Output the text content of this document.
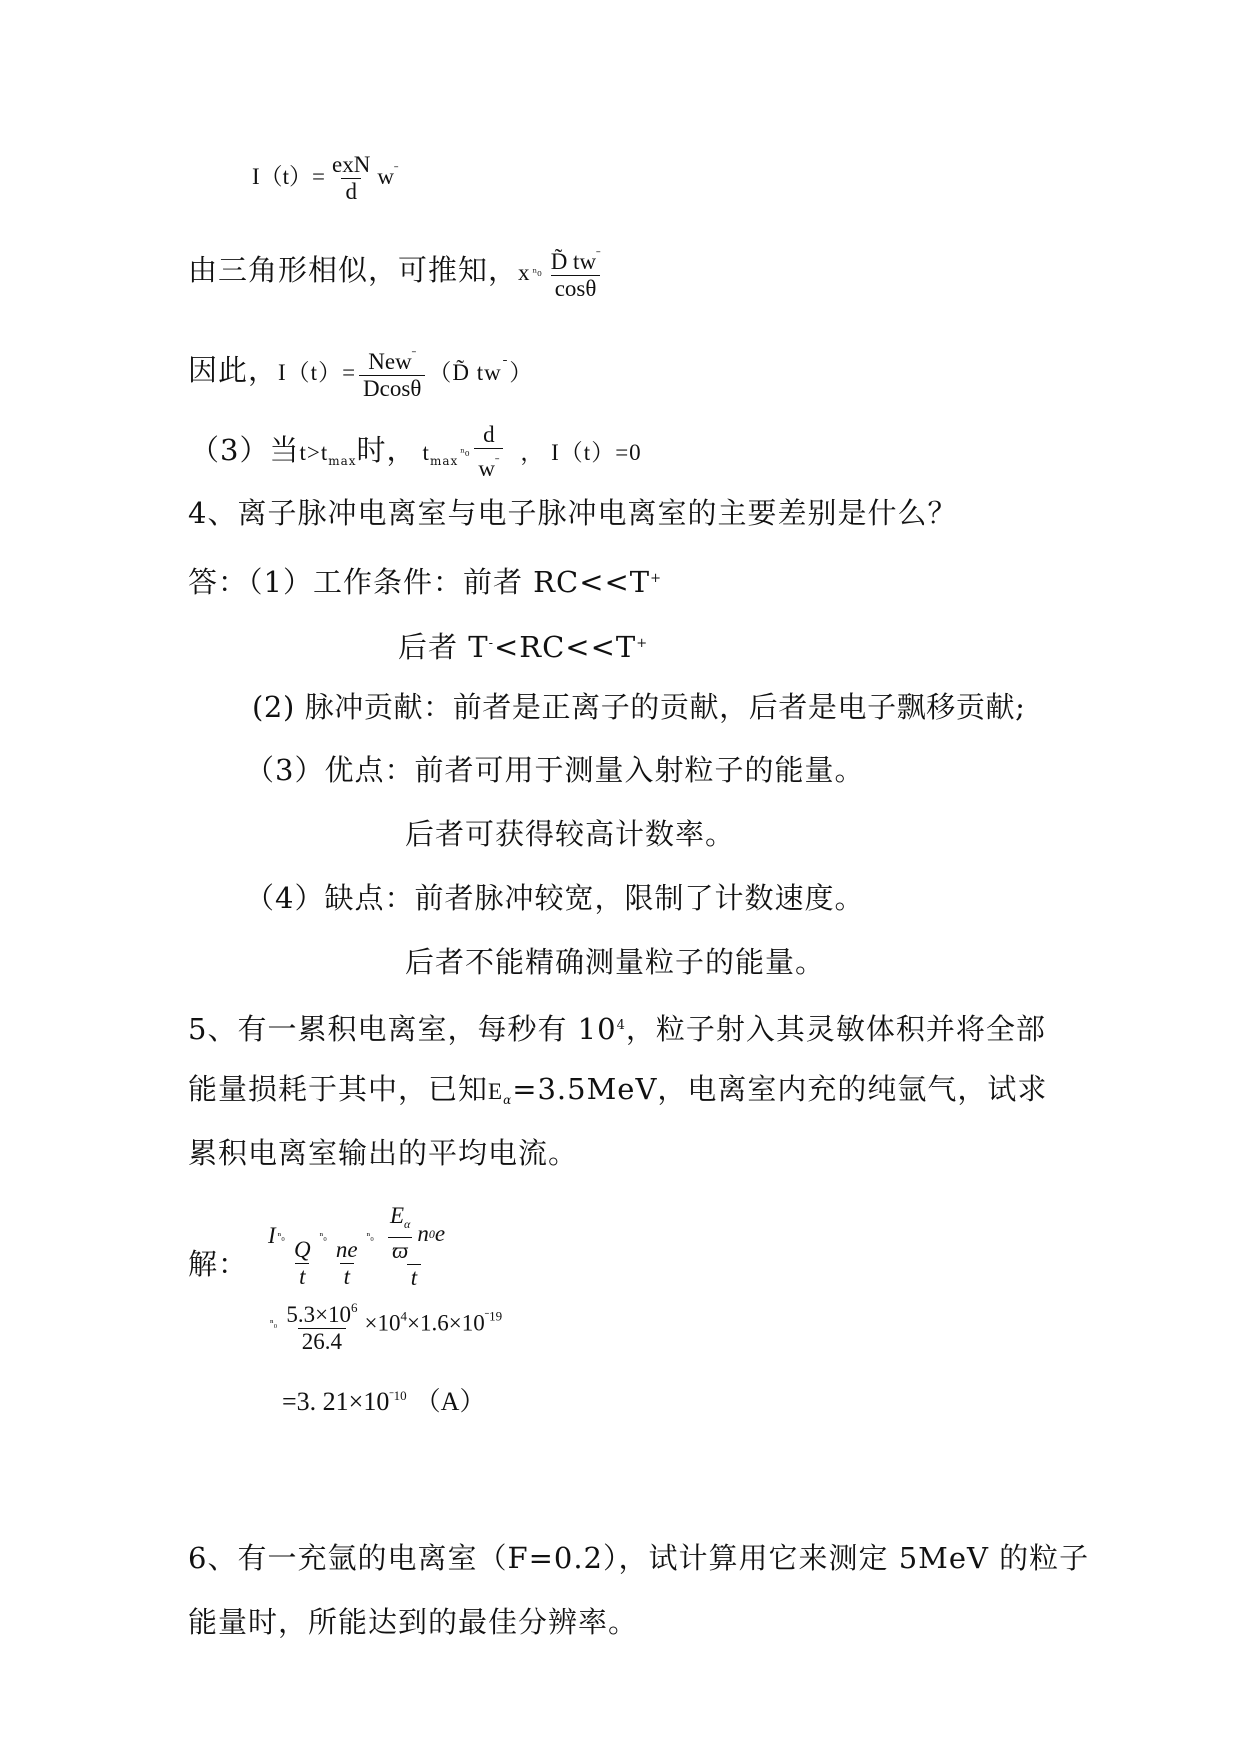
$I(t)= \frac{\text{exN}}{d} w^ˉ$
由三角形相似，可推知，x $^n_0 \frac{D̃ tw^ˉ}{\cos\theta}$
因此，$I(t)= \frac{New^ˉ}{Dcos\theta}$ （D̃ $tw^ˉ$）
（3）当$t>t_{max}$时， $t_{max}^n_0 \frac{d}{w^ˉ}$ ， I（t）=0
4、离子脉冲电离室与电子脉冲电离室的主要差别是什么？
答：（1）工作条件：前者 RC<<T+
后者 T-<RC<<T+
(2) 脉冲贡献：前者是正离子的贡献，后者是电子飘移贡献;
（3）优点：前者可用于测量入射粒子的能量。
后者可获得较高计数率。
（4）缺点：前者脉冲较宽，限制了计数速度。
后者不能精确测量粒子的能量。
5、有一累积电离室，每秒有 $10^4$，粒子射入其灵敏体积并将全部
能量损耗于其中，已知$E_\alpha=3.5MeV$，电离室内充的纯氩气，试求
累积电离室输出的平均电流。
解：
I $_{^n_0}$
$\frac{Q}{t}$
$_{^n_0}$
$\frac{ne}{t}$
$_{^n_0} \frac{\frac{E_\alpha}{ϖ} n 0 e}{t}$
$^n_0 \frac{5.3\times 10^6}{26.4} \times 10^4\times 1.6\times 10^{ˉ19}$
=3. $21\times 10^{ˉ10}$ （A）
6、有一充氩的电离室（F=0.2），试计算用它来测定 5MeV 的粒子
能量时，所能达到的最佳分辨率。
